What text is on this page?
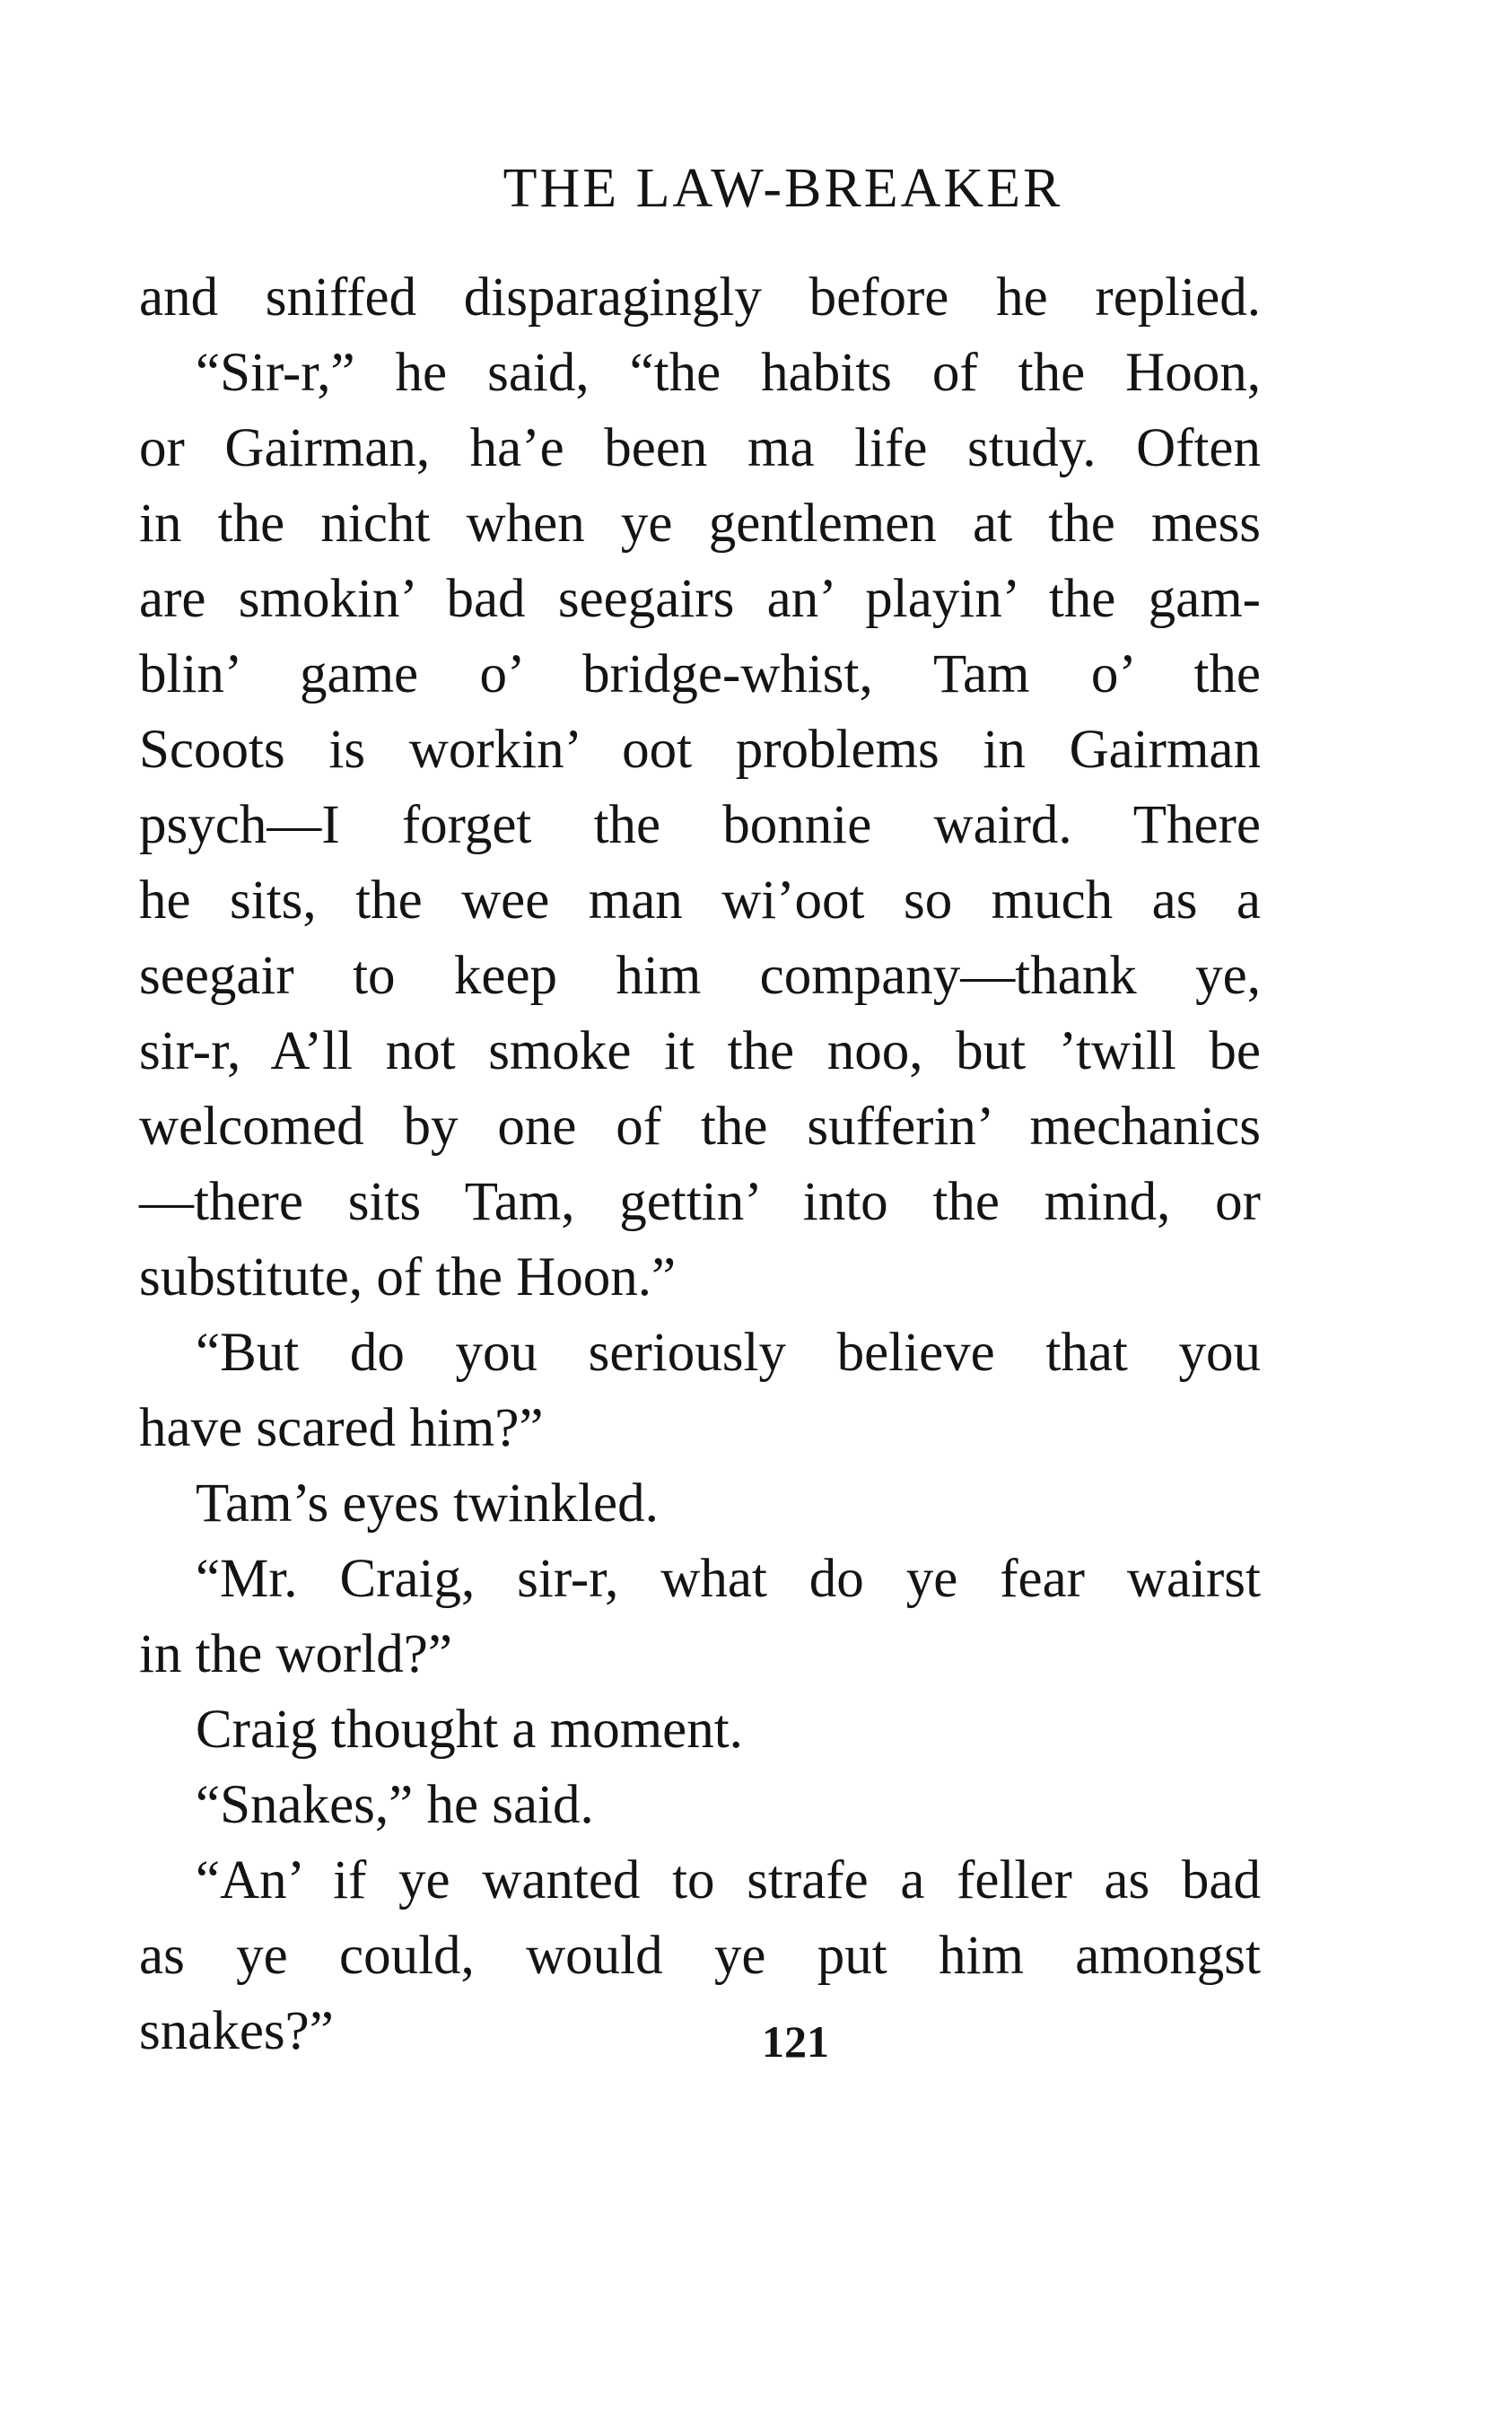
THE LAW-BREAKER
and sniffed disparagingly before he replied.
“Sir-r,” he said, “the habits of the Hoon,
or Gairman, ha’e been ma life study. Often
in the nicht when ye gentlemen at the mess
are smokin’ bad seegairs an’ playin’ the gam-
blin’ game o’ bridge-whist, Tam o’ the
Scoots is workin’ oot problems in Gairman
psych—I forget the bonnie waird. There
he sits, the wee man wi’oot so much as a
seegair to keep him company—thank ye,
sir-r, A’ll not smoke it the noo, but ’twill be
welcomed by one of the sufferin’ mechanics
—there sits Tam, gettin’ into the mind, or
substitute, of the Hoon.”
“But do you seriously believe that you
have scared him?”
Tam’s eyes twinkled.
“Mr. Craig, sir-r, what do ye fear wairst
in the world?”
Craig thought a moment.
“Snakes,” he said.
“An’ if ye wanted to strafe a feller as bad
as ye could, would ye put him amongst
snakes?”	121
